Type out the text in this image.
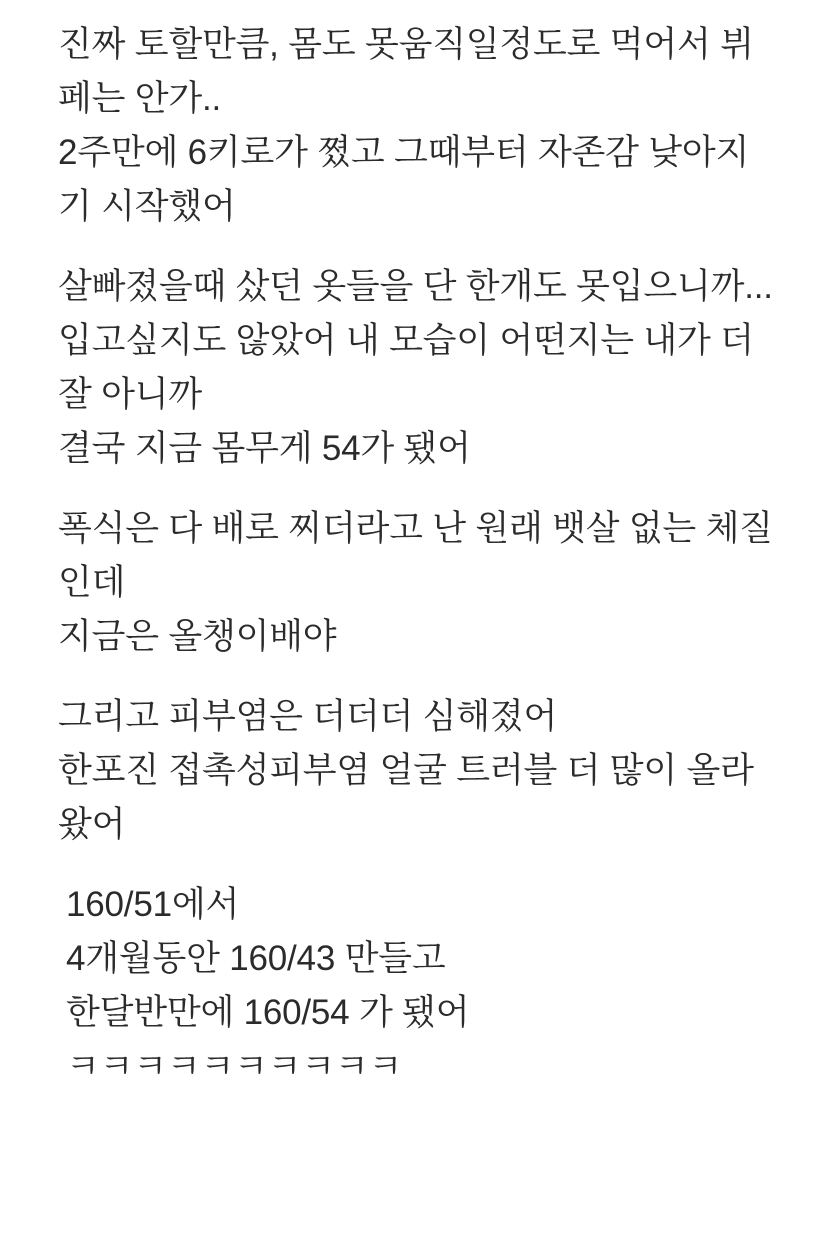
진짜 토할만큼, 몸도 못움직일정도로 먹어서 뷔페는 안가..
2주만에 6키로가 쪘고 그때부터 자존감 낮아지기 시작했어
살빠졌을때 샀던 옷들을 단 한개도 못입으니까...
입고싶지도 않았어 내 모습이 어떤지는 내가 더 잘 아니까
결국 지금 몸무게 54가 됐어
폭식은 다 배로 찌더라고 난 원래 뱃살 없는 체질인데
지금은 올챙이배야
그리고 피부염은 더더더 심해졌어
한포진 접촉성피부염 얼굴 트러블 더 많이 올라왔어
160/51에서
4개월동안 160/43 만들고
한달반만에 160/54 가 됐어
ㅋㅋㅋㅋㅋㅋㅋㅋㅋㅋ
